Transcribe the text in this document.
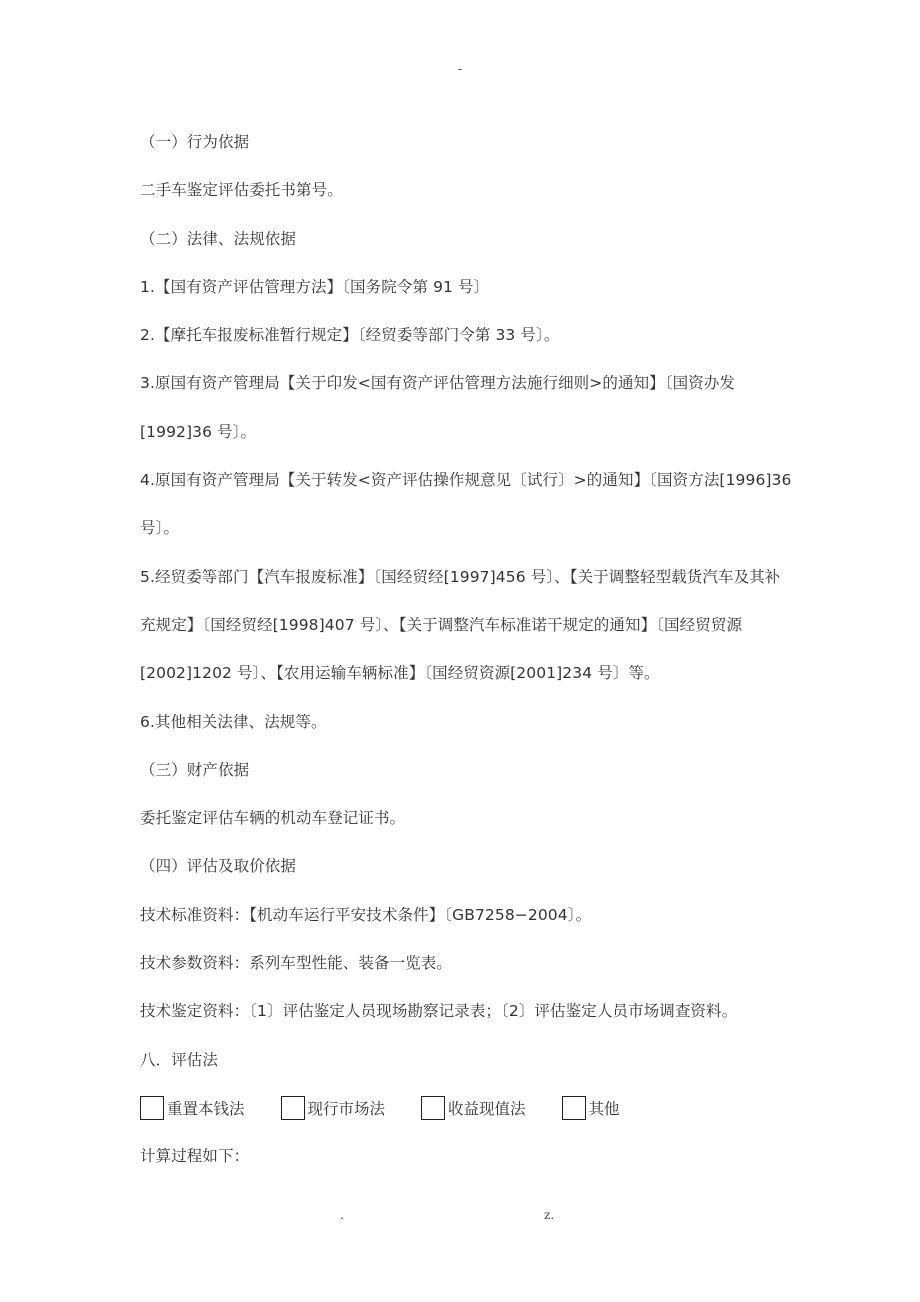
-
（一）行为依据
二手车鉴定评估委托书第号。
（二）法律、法规依据
1.【国有资产评估管理方法】〔国务院令第 91 号〕
2.【摩托车报废标准暂行规定】〔经贸委等部门令第 33 号〕。
3.原国有资产管理局【关于印发<国有资产评估管理方法施行细则>的通知】〔国资办发
[1992]36 号〕。
4.原国有资产管理局【关于转发<资产评估操作规意见〔试行〕>的通知】〔国资方法[1996]36
号〕。
5.经贸委等部门【汽车报废标准】〔国经贸经[1997]456 号〕、【关于调整轻型载货汽车及其补
充规定】〔国经贸经[1998]407 号〕、【关于调整汽车标准诺干规定的通知】〔国经贸贸源
[2002]1202 号〕、【农用运输车辆标准】〔国经贸资源[2001]234 号〕等。
6.其他相关法律、法规等。
（三）财产依据
委托鉴定评估车辆的机动车登记证书。
（四）评估及取价依据
技术标准资料：【机动车运行平安技术条件】〔GB7258−2004〕。
技术参数资料：系列车型性能、装备一览表。
技术鉴定资料：〔1〕评估鉴定人员现场勘察记录表；〔2〕评估鉴定人员市场调查资料。
八．评估法
重置本钱法	现行市场法	收益现值法	其他
计算过程如下：
.	z.
